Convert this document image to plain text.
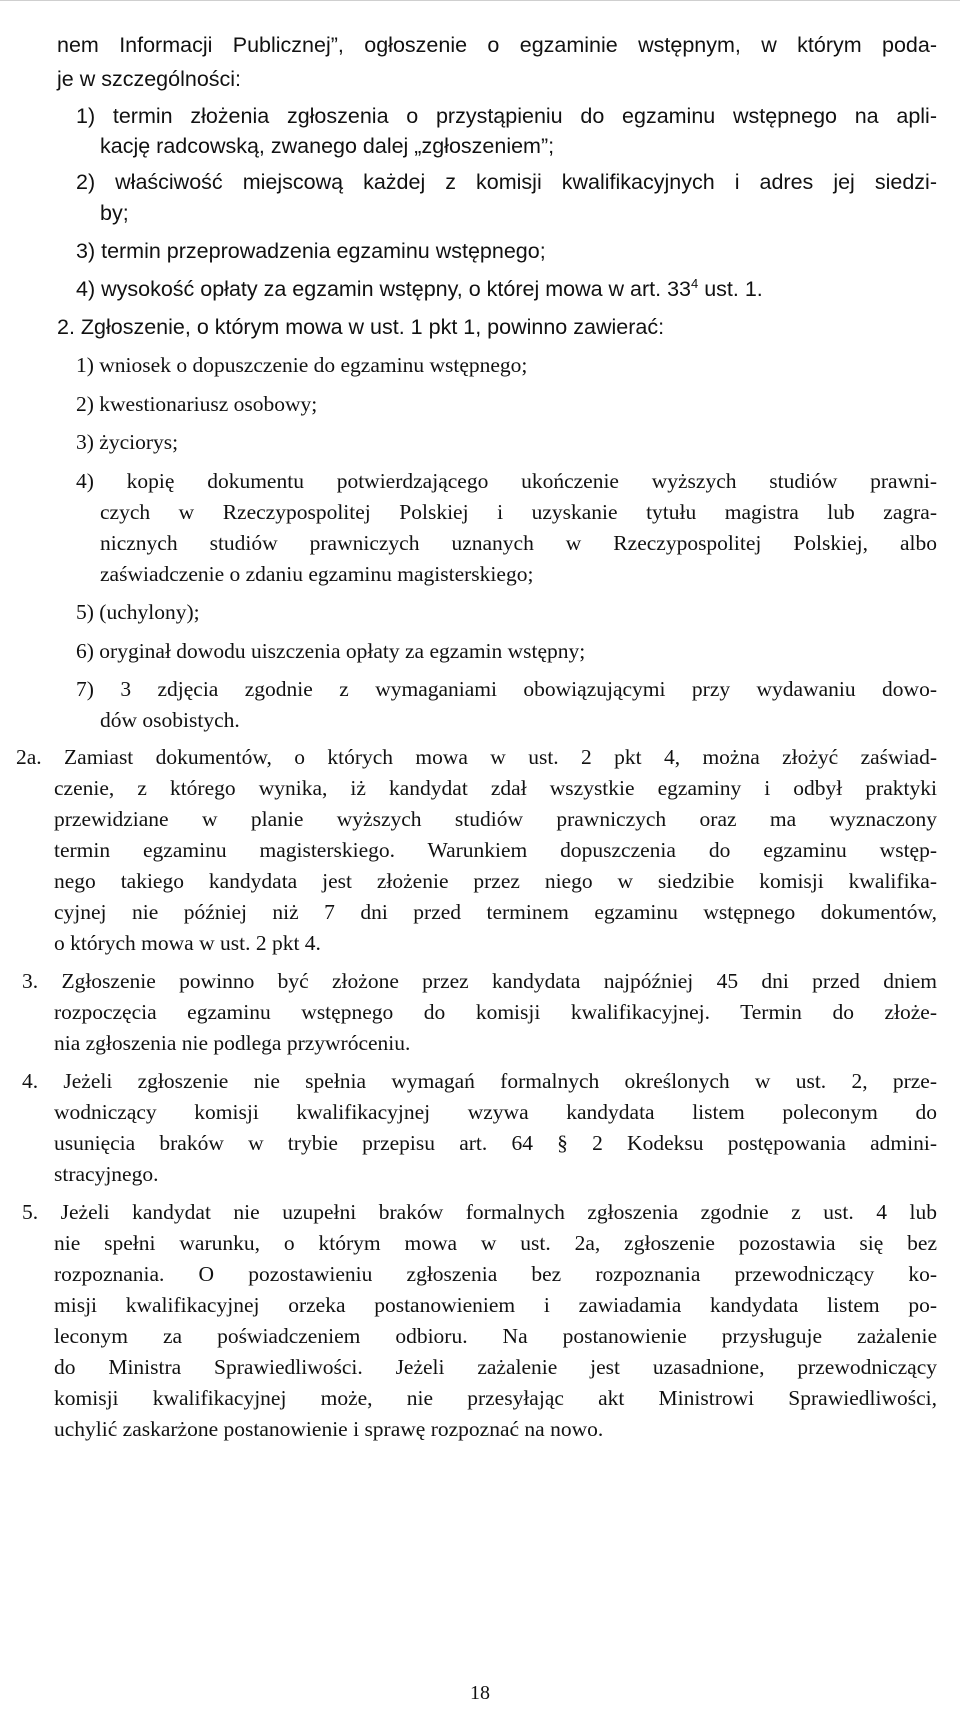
nem Informacji Publicznej”, ogłoszenie o egzaminie wstępnym, w którym poda-
je w szczególności:
1) termin złożenia zgłoszenia o przystąpieniu do egzaminu wstępnego na apli-
kację radcowską, zwanego dalej „zgłoszeniem”;
2) właściwość miejscową każdej z komisji kwalifikacyjnych i adres jej siedzi-
by;
3) termin przeprowadzenia egzaminu wstępnego;
4) wysokość opłaty za egzamin wstępny, o której mowa w art. $33^4$ ust. 1.
2. Zgłoszenie, o którym mowa w ust. 1 pkt 1, powinno zawierać:
1) wniosek o dopuszczenie do egzaminu wstępnego;
2) kwestionariusz osobowy;
3) życiorys;
4) kopię dokumentu potwierdzającego ukończenie wyższych studiów prawni-
czych w Rzeczypospolitej Polskiej i uzyskanie tytułu magistra lub zagra-
nicznych studiów prawniczych uznanych w Rzeczypospolitej Polskiej, albo
zaświadczenie o zdaniu egzaminu magisterskiego;
5) (uchylony);
6) oryginał dowodu uiszczenia opłaty za egzamin wstępny;
7) 3 zdjęcia zgodnie z wymaganiami obowiązującymi przy wydawaniu dowo-
dów osobistych.
2a. Zamiast dokumentów, o których mowa w ust. 2 pkt 4, można złożyć zaświad-
czenie, z którego wynika, iż kandydat zdał wszystkie egzaminy i odbył praktyki
przewidziane w planie wyższych studiów prawniczych oraz ma wyznaczony
termin egzaminu magisterskiego. Warunkiem dopuszczenia do egzaminu wstęp-
nego takiego kandydata jest złożenie przez niego w siedzibie komisji kwalifika-
cyjnej nie później niż 7 dni przed terminem egzaminu wstępnego dokumentów,
o których mowa w ust. 2 pkt 4.
3. Zgłoszenie powinno być złożone przez kandydata najpóźniej 45 dni przed dniem
rozpoczęcia egzaminu wstępnego do komisji kwalifikacyjnej. Termin do złoże-
nia zgłoszenia nie podlega przywróceniu.
4. Jeżeli zgłoszenie nie spełnia wymagań formalnych określonych w ust. 2, prze-
wodniczący komisji kwalifikacyjnej wzywa kandydata listem poleconym do
usunięcia braków w trybie przepisu art. 64 § 2 Kodeksu postępowania admini-
stracyjnego.
5. Jeżeli kandydat nie uzupełni braków formalnych zgłoszenia zgodnie z ust. 4 lub
nie spełni warunku, o którym mowa w ust. 2a, zgłoszenie pozostawia się bez
rozpoznania. O pozostawieniu zgłoszenia bez rozpoznania przewodniczący ko-
misji kwalifikacyjnej orzeka postanowieniem i zawiadamia kandydata listem po-
leconym za poświadczeniem odbioru. Na postanowienie przysługuje zażalenie
do Ministra Sprawiedliwości. Jeżeli zażalenie jest uzasadnione, przewodniczący
komisji kwalifikacyjnej może, nie przesyłając akt Ministrowi Sprawiedliwości,
uchylić zaskarżone postanowienie i sprawę rozpoznać na nowo.
18
